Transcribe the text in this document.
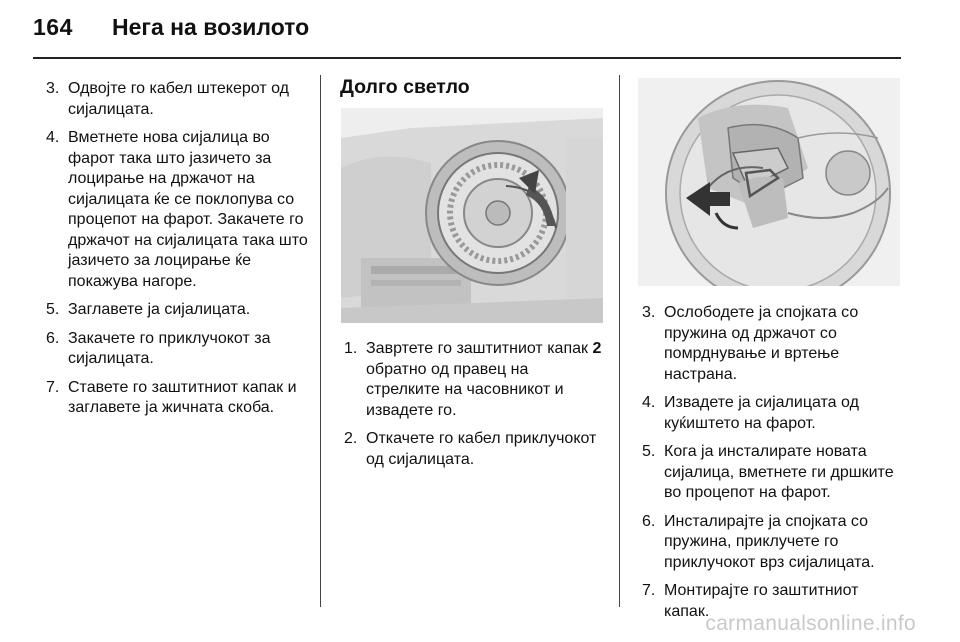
164 Нега на возилото
3. Одвојте го кабел штекерот од сијалицата.
4. Вметнете нова сијалица во фарот така што јазичето за лоцирање на држачот на сијалицата ќе се поклопува со процепот на фарот. Закачете го држачот на сијалицата така што јазичето за лоцирање ќе покажува нагоре.
5. Заглавете ја сијалицата.
6. Закачете го приклучокот за сијалицата.
7. Ставете го заштитниот капак и заглавете ја жичната скоба.
Долго светло
1. Завртете го заштитниот капак 2 обратно од правец на стрелките на часовникот и извадете го.
2. Откачете го кабел приклучокот од сијалицата.
3. Ослободете ја спојката со пружина од држачот со помрднување и вртење настрана.
4. Извадете ја сијалицата од куќиштето на фарот.
5. Кога ја инсталирате новата сијалица, вметнете ги дршките во процепот на фарот.
6. Инсталирајте ја спојката со пружина, приклучете го приклучокот врз сијалицата.
7. Монтирајте го заштитниот капак.
carmanualsonline.info
